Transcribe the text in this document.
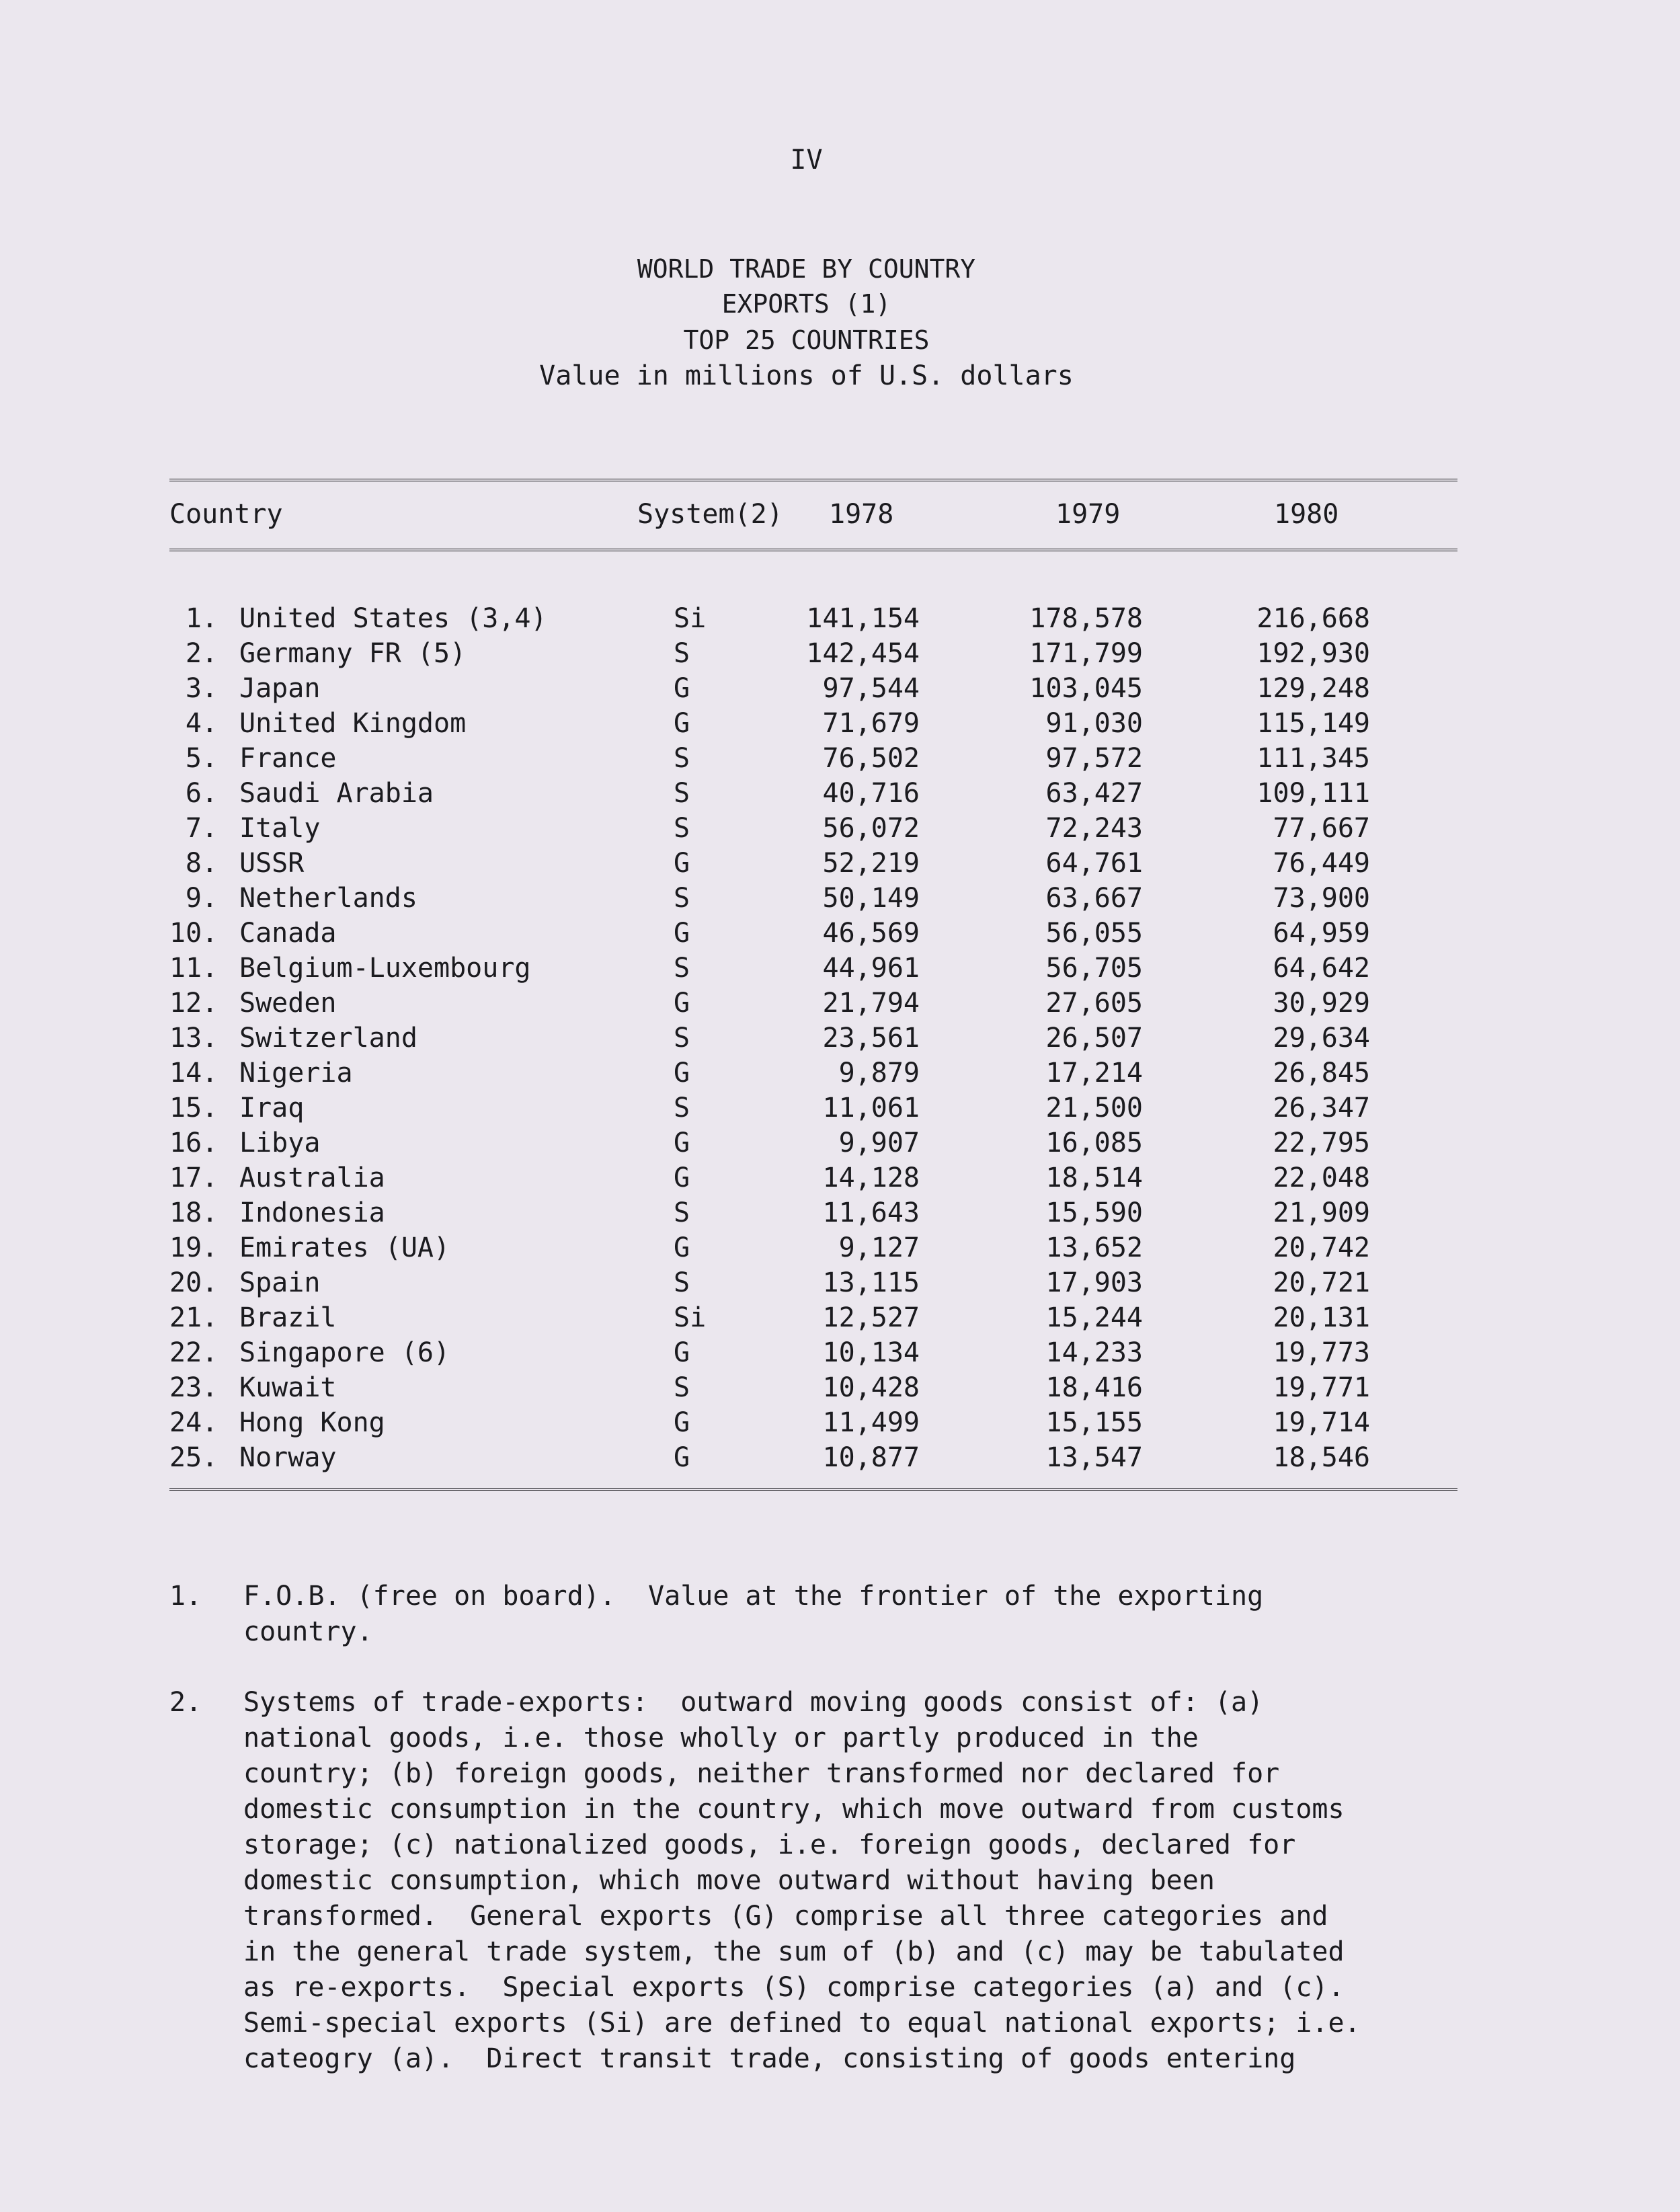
IV
WORLD TRADE BY COUNTRY
EXPORTS (1)
TOP 25 COUNTRIES
Value in millions of U.S. dollars
Country	System(2) 1978	1979	1980
1. United States (3,4)	Si	141,154	178,578	216,668
2. Germany FR (5)	S	142,454	171,799	192,930
3. Japan	G	97,544	103,045	129,248
4. United Kingdom	G	71,679	91,030	115,149
5. France	S	76,502	97,572	111,345
6. Saudi Arabia	S	40,716	63,427	109,111
7. Italy	S	56,072	72,243	77,667
8. USSR	G	52,219	64,761	76,449
9. Netherlands	S	50,149	63,667	73,900
10. Canada	G	46,569	56,055	64,959
11. Belgium-Luxembourg	S	44,961	56,705	64,642
12. Sweden	G	21,794	27,605	30,929
13. Switzerland	S	23,561	26,507	29,634
14. Nigeria	G	9,879	17,214	26,845
15. Iraq	S	11,061	21,500	26,347
16. Libya	G	9,907	16,085	22,795
17. Australia	G	14,128	18,514	22,048
18. Indonesia	S	11,643	15,590	21,909
19. Emirates (UA)	G	9,127	13,652	20,742
20. Spain	S	13,115	17,903	20,721
21. Brazil	Si	12,527	15,244	20,131
22. Singapore (6)	G	10,134	14,233	19,773
23. Kuwait	S	10,428	18,416	19,771
24. Hong Kong	G	11,499	15,155	19,714
25. Norway	G	10,877	13,547	18,546
1. F.O.B. (free on board).  Value at the frontier of the exporting
country.
2. Systems of trade-exports:  outward moving goods consist of: (a)
national goods, i.e. those wholly or partly produced in the
country; (b) foreign goods, neither transformed nor declared for
domestic consumption in the country, which move outward from customs
storage; (c) nationalized goods, i.e. foreign goods, declared for
domestic consumption, which move outward without having been
transformed.  General exports (G) comprise all three categories and
in the general trade system, the sum of (b) and (c) may be tabulated
as re-exports.  Special exports (S) comprise categories (a) and (c).
Semi-special exports (Si) are defined to equal national exports; i.e.
cateogry (a).  Direct transit trade, consisting of goods entering
